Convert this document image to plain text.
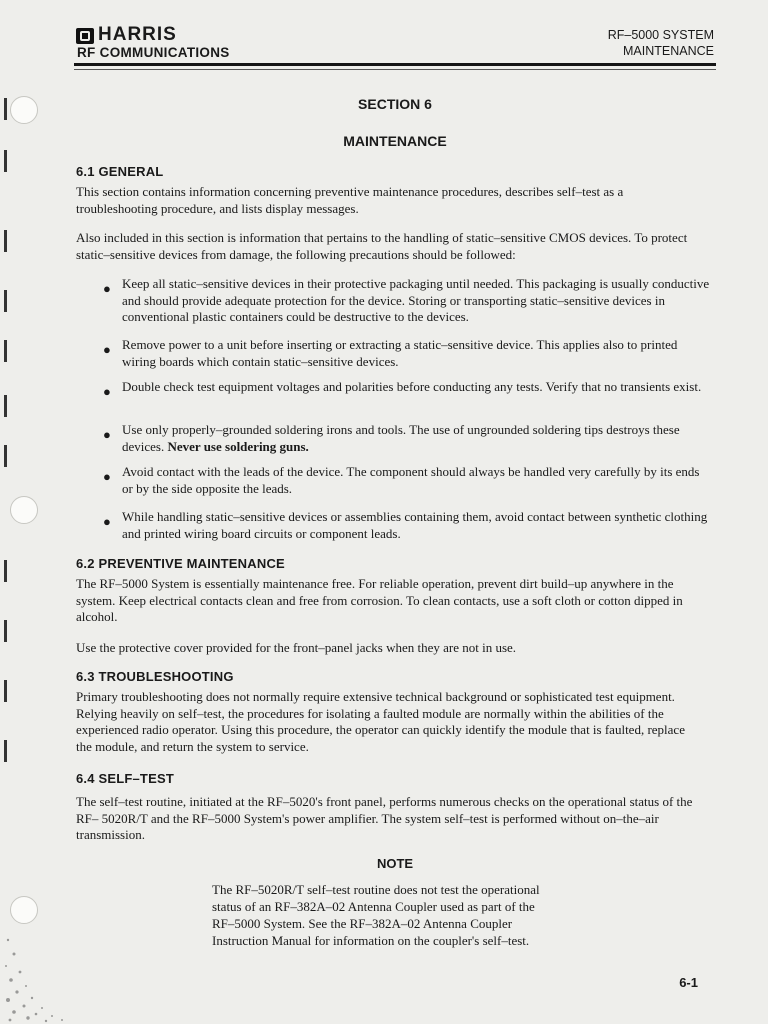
HARRIS
RF COMMUNICATIONS
RF–5000 SYSTEM
MAINTENANCE
SECTION 6
MAINTENANCE
6.1 GENERAL
This section contains information concerning preventive maintenance procedures, describes self–test as a troubleshooting procedure, and lists display messages.
Also included in this section is information that pertains to the handling of static–sensitive CMOS devices. To protect static–sensitive devices from damage, the following precautions should be followed:
● Keep all static–sensitive devices in their protective packaging until needed. This packaging is usually conductive and should provide adequate protection for the device. Storing or transporting static–sensitive devices in conventional plastic containers could be destructive to the devices.
● Remove power to a unit before inserting or extracting a static–sensitive device. This applies also to printed wiring boards which contain static–sensitive devices.
● Double check test equipment voltages and polarities before conducting any tests. Verify that no transients exist.
● Use only properly–grounded soldering irons and tools. The use of ungrounded soldering tips destroys these devices. Never use soldering guns.
● Avoid contact with the leads of the device. The component should always be handled very carefully by its ends or by the side opposite the leads.
● While handling static–sensitive devices or assemblies containing them, avoid contact between synthetic clothing and printed wiring board circuits or component leads.
6.2 PREVENTIVE MAINTENANCE
The RF–5000 System is essentially maintenance free. For reliable operation, prevent dirt build–up anywhere in the system. Keep electrical contacts clean and free from corrosion. To clean contacts, use a soft cloth or cotton dipped in alcohol.
Use the protective cover provided for the front–panel jacks when they are not in use.
6.3 TROUBLESHOOTING
Primary troubleshooting does not normally require extensive technical background or sophisticated test equipment. Relying heavily on self–test, the procedures for isolating a faulted module are normally within the abilities of the experienced radio operator. Using this procedure, the operator can quickly identify the module that is faulted, replace the module, and return the system to service.
6.4 SELF–TEST
The self–test routine, initiated at the RF–5020's front panel, performs numerous checks on the operational status of the RF– 5020R/T and the RF–5000 System's power amplifier. The system self–test is performed without on–the–air transmission.
NOTE
The RF–5020R/T self–test routine does not test the operational status of an RF–382A–02 Antenna Coupler used as part of the RF–5000 System. See the RF–382A–02 Antenna Coupler Instruction Manual for information on the coupler's self–test.
6-1
